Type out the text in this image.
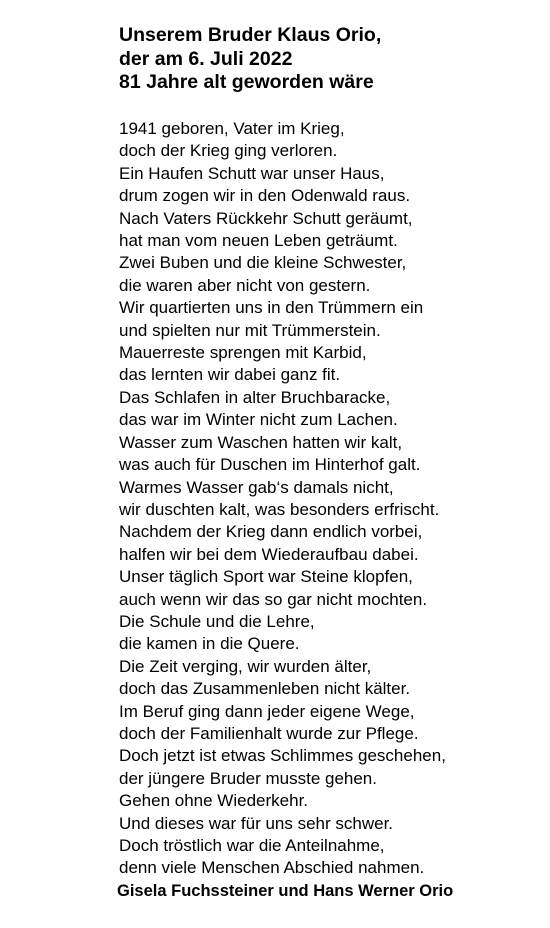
Unserem Bruder Klaus Orio,
der am 6. Juli 2022
81 Jahre alt geworden wäre
1941 geboren, Vater im Krieg,
doch der Krieg ging verloren.
Ein Haufen Schutt war unser Haus,
drum zogen wir in den Odenwald raus.
Nach Vaters Rückkehr Schutt geräumt,
hat man vom neuen Leben geträumt.
Zwei Buben und die kleine Schwester,
die waren aber nicht von gestern.
Wir quartierten uns in den Trümmern ein
und spielten nur mit Trümmerstein.
Mauerreste sprengen mit Karbid,
das lernten wir dabei ganz fit.
Das Schlafen in alter Bruchbaracke,
das war im Winter nicht zum Lachen.
Wasser zum Waschen hatten wir kalt,
was auch für Duschen im Hinterhof galt.
Warmes Wasser gab‘s damals nicht,
wir duschten kalt, was besonders erfrischt.
Nachdem der Krieg dann endlich vorbei,
halfen wir bei dem Wiederaufbau dabei.
Unser täglich Sport war Steine klopfen,
auch wenn wir das so gar nicht mochten.
Die Schule und die Lehre,
die kamen in die Quere.
Die Zeit verging, wir wurden älter,
doch das Zusammenleben nicht kälter.
Im Beruf ging dann jeder eigene Wege,
doch der Familienhalt wurde zur Pflege.
Doch jetzt ist etwas Schlimmes geschehen,
der jüngere Bruder musste gehen.
Gehen ohne Wiederkehr.
Und dieses war für uns sehr schwer.
Doch tröstlich war die Anteilnahme,
denn viele Menschen Abschied nahmen.
Gisela Fuchssteiner und Hans Werner Orio
